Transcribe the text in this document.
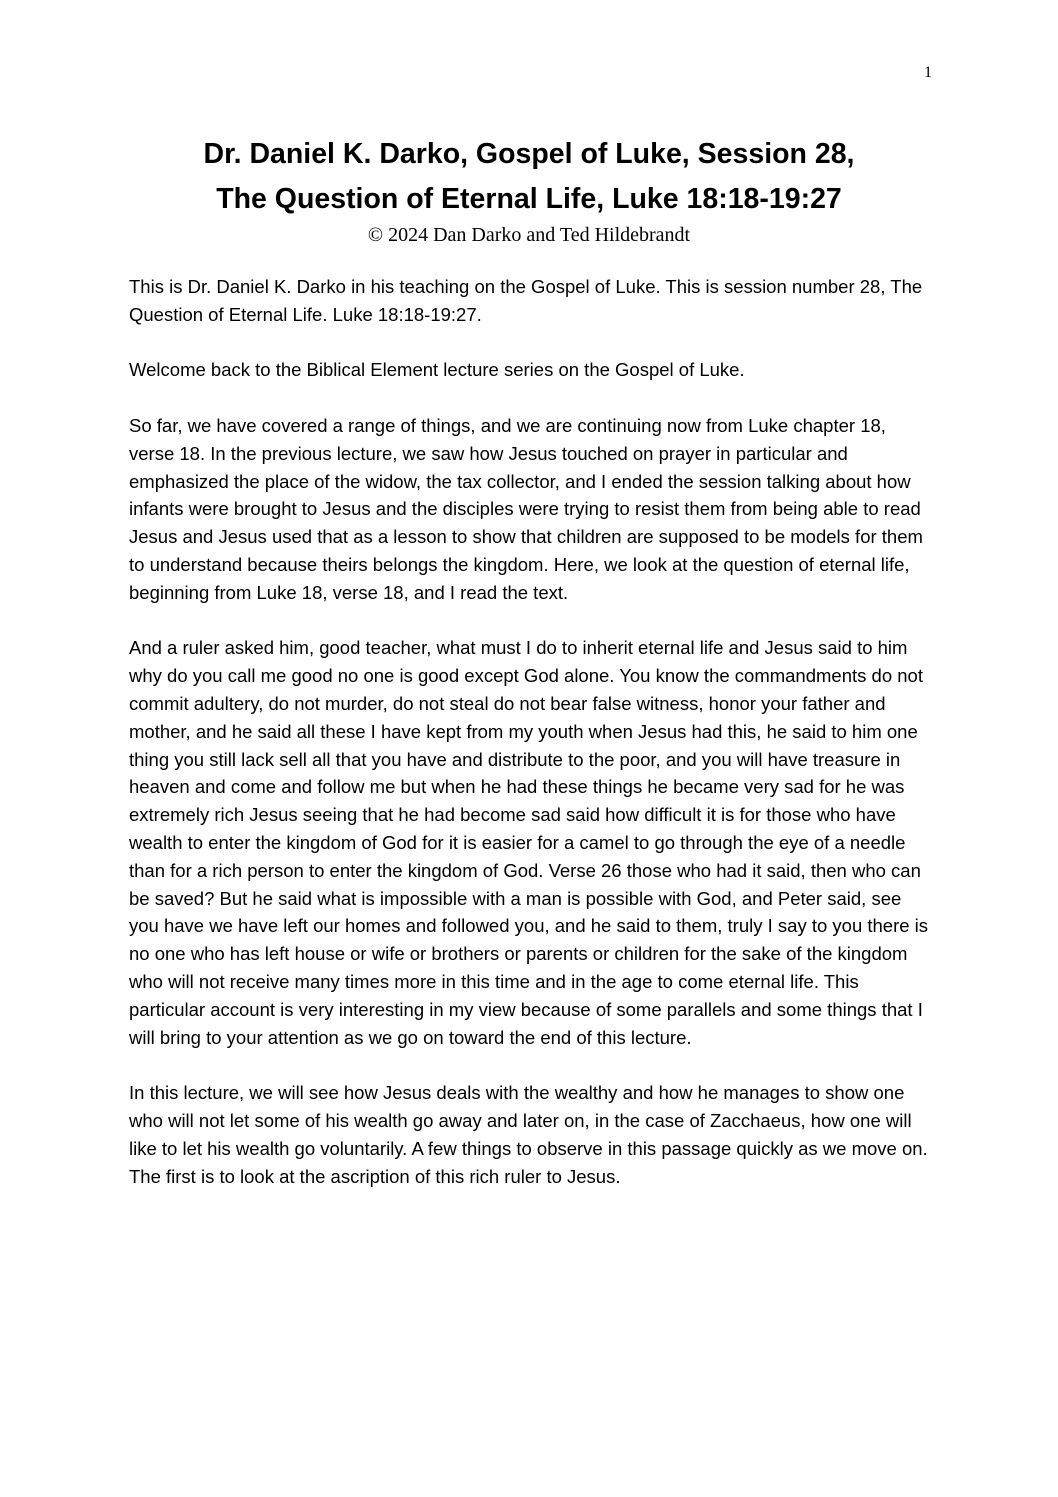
1
Dr. Daniel K. Darko, Gospel of Luke, Session 28,
The Question of Eternal Life, Luke 18:18-19:27
© 2024 Dan Darko and Ted Hildebrandt

This is Dr. Daniel K. Darko in his teaching on the Gospel of Luke. This is session number 28, The Question of Eternal Life. Luke 18:18-19:27.

Welcome back to the Biblical Element lecture series on the Gospel of Luke.

So far, we have covered a range of things, and we are continuing now from Luke chapter 18, verse 18. In the previous lecture, we saw how Jesus touched on prayer in particular and emphasized the place of the widow, the tax collector, and I ended the session talking about how infants were brought to Jesus and the disciples were trying to resist them from being able to read Jesus and Jesus used that as a lesson to show that children are supposed to be models for them to understand because theirs belongs the kingdom. Here, we look at the question of eternal life, beginning from Luke 18, verse 18, and I read the text.

And a ruler asked him, good teacher, what must I do to inherit eternal life and Jesus said to him why do you call me good no one is good except God alone. You know the commandments do not commit adultery, do not murder, do not steal do not bear false witness, honor your father and mother, and he said all these I have kept from my youth when Jesus had this, he said to him one thing you still lack sell all that you have and distribute to the poor, and you will have treasure in heaven and come and follow me but when he had these things he became very sad for he was extremely rich Jesus seeing that he had become sad said how difficult it is for those who have wealth to enter the kingdom of God for it is easier for a camel to go through the eye of a needle than for a rich person to enter the kingdom of God. Verse 26 those who had it said, then who can be saved? But he said what is impossible with a man is possible with God, and Peter said, see you have we have left our homes and followed you, and he said to them, truly I say to you there is no one who has left house or wife or brothers or parents or children for the sake of the kingdom who will not receive many times more in this time and in the age to come eternal life. This particular account is very interesting in my view because of some parallels and some things that I will bring to your attention as we go on toward the end of this lecture.

In this lecture, we will see how Jesus deals with the wealthy and how he manages to show one who will not let some of his wealth go away and later on, in the case of Zacchaeus, how one will like to let his wealth go voluntarily. A few things to observe in this passage quickly as we move on. The first is to look at the ascription of this rich ruler to Jesus.
